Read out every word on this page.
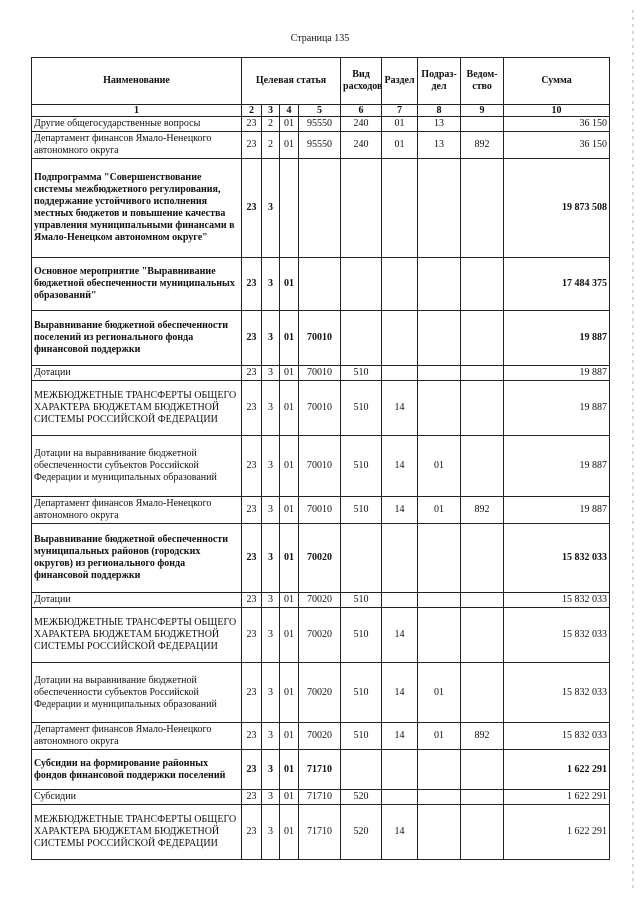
Страница 135
Наименование	Целевая статья				Вид расходов	Раздел	Подраз-дел	Ведом-ство	Сумма
1	2	3	4	5	6	7	8	9	10
Другие общегосударственные вопросы	23	2	01	95550	240	01	13		36 150
Департамент финансов Ямало-Ненецкого автономного округа	23	2	01	95550	240	01	13	892	36 150
Подпрограмма "Совершенствование системы межбюджетного регулирования, поддержание устойчивого исполнения местных бюджетов и повышение качества управления муниципальными финансами в Ямало-Ненецком автономном округе"	23	3							19 873 508
Основное мероприятие "Выравнивание бюджетной обеспеченности муниципальных образований"	23	3	01						17 484 375
Выравнивание бюджетной обеспеченности поселений из регионального фонда финансовой поддержки	23	3	01	70010					19 887
Дотации	23	3	01	70010	510				19 887
МЕЖБЮДЖЕТНЫЕ ТРАНСФЕРТЫ ОБЩЕГО ХАРАКТЕРА БЮДЖЕТАМ БЮДЖЕТНОЙ СИСТЕМЫ РОССИЙСКОЙ ФЕДЕРАЦИИ	23	3	01	70010	510	14			19 887
Дотации на выравнивание бюджетной обеспеченности субъектов Российской Федерации и муниципальных образований	23	3	01	70010	510	14	01		19 887
Департамент финансов Ямало-Ненецкого автономного округа	23	3	01	70010	510	14	01	892	19 887
Выравнивание бюджетной обеспеченности муниципальных районов (городских округов) из регионального фонда финансовой поддержки	23	3	01	70020					15 832 033
Дотации	23	3	01	70020	510				15 832 033
МЕЖБЮДЖЕТНЫЕ ТРАНСФЕРТЫ ОБЩЕГО ХАРАКТЕРА БЮДЖЕТАМ БЮДЖЕТНОЙ СИСТЕМЫ РОССИЙСКОЙ ФЕДЕРАЦИИ	23	3	01	70020	510	14			15 832 033
Дотации на выравнивание бюджетной обеспеченности субъектов Российской Федерации и муниципальных образований	23	3	01	70020	510	14	01		15 832 033
Департамент финансов Ямало-Ненецкого автономного округа	23	3	01	70020	510	14	01	892	15 832 033
Субсидии на формирование районных фондов финансовой поддержки поселений	23	3	01	71710					1 622 291
Субсидии	23	3	01	71710	520				1 622 291
МЕЖБЮДЖЕТНЫЕ ТРАНСФЕРТЫ ОБЩЕГО ХАРАКТЕРА БЮДЖЕТАМ БЮДЖЕТНОЙ СИСТЕМЫ РОССИЙСКОЙ ФЕДЕРАЦИИ	23	3	01	71710	520	14			1 622 291
